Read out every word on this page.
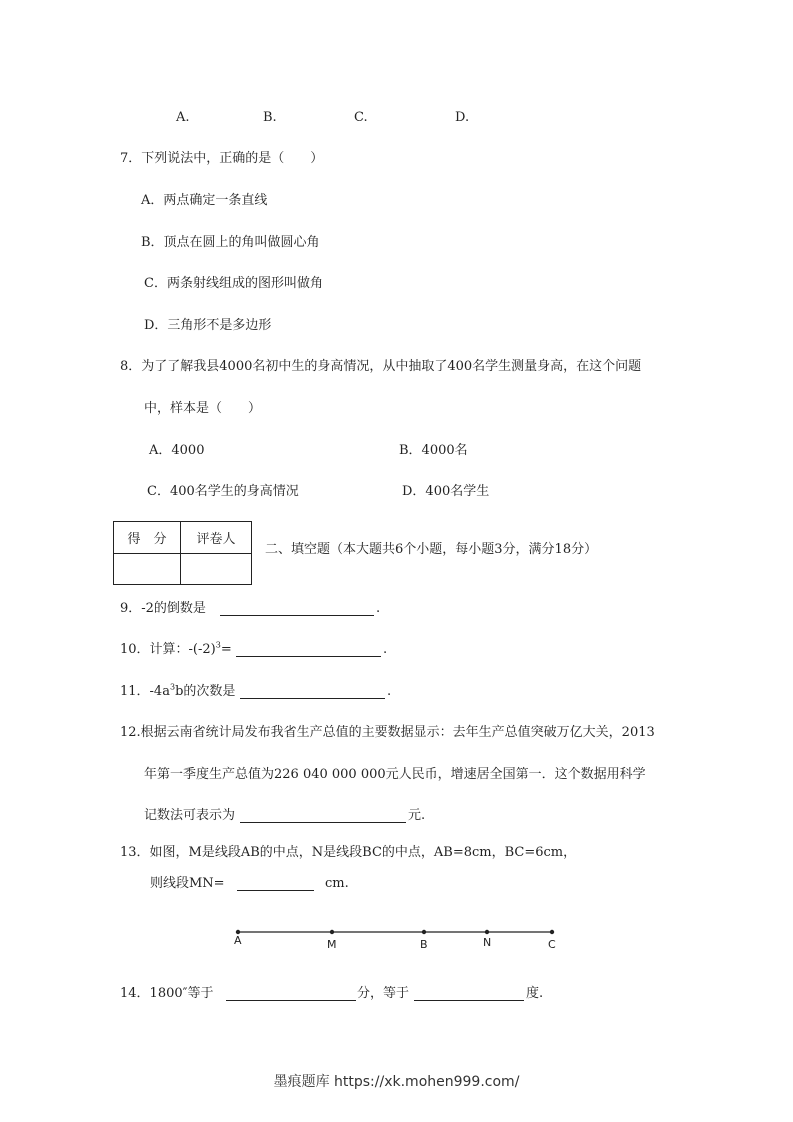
A.	B.	C.	D.
7．下列说法中，正确的是（　　）
A．两点确定一条直线
B．顶点在圆上的角叫做圆心角
C．两条射线组成的图形叫做角
D．三角形不是多边形
8．为了了解我县4000名初中生的身高情况，从中抽取了400名学生测量身高，在这个问题
中，样本是（　　）
A．4000	B．4000名
C．400名学生的身高情况	D．400名学生
得　分	评卷人

二、填空题（本大题共6个小题，每小题3分，满分18分）
9．-2的倒数是	.
10．计算：$-(-2)^3=$	.
11．$-4a^3b$的次数是	.
12.根据云南省统计局发布我省生产总值的主要数据显示：去年生产总值突破万亿大关，2013
年第一季度生产总值为226 040 000 000元人民币，增速居全国第一．这个数据用科学
记数法可表示为	元.
13．如图，M是线段AB的中点，N是线段BC的中点，AB=8cm，BC=6cm，
则线段MN=	cm.
A	M	B	N	C
14．1800″等于	分，等于	度.
墨痕题库 https://xk.mohen999.com/
